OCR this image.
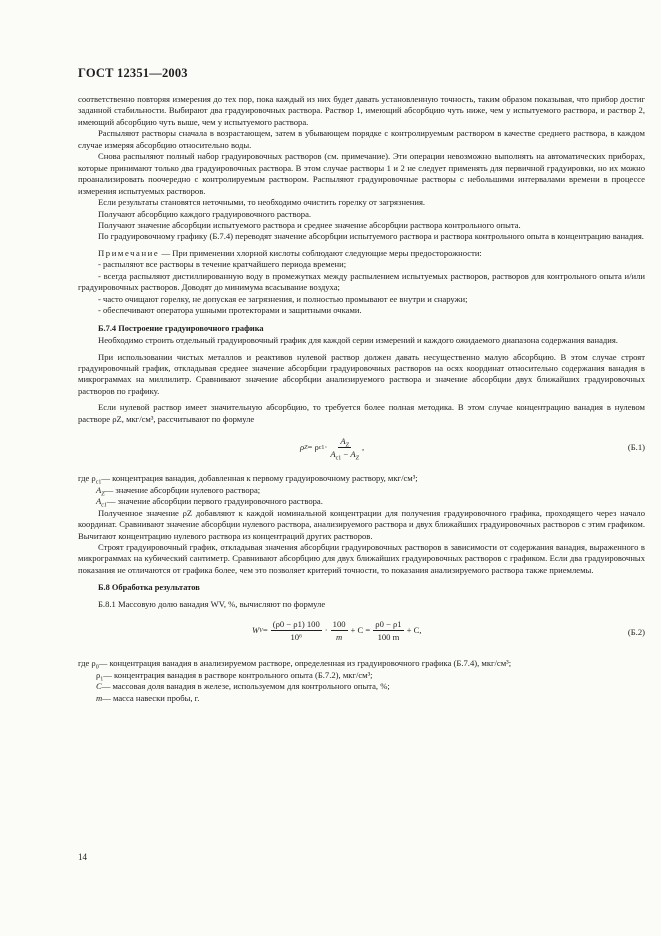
ГОСТ 12351—2003

соответственно повторяя измерения до тех пор, пока каждый из них будет давать установленную точность, таким образом показывая, что прибор достиг заданной стабильности. Выбирают два градуировочных раствора. Раствор 1, имеющий абсорбцию чуть ниже, чем у испытуемого раствора, и раствор 2, имеющий абсорбцию чуть выше, чем у испытуемого раствора.

Распыляют растворы сначала в возрастающем, затем в убывающем порядке с контролируемым раствором в качестве среднего раствора, в каждом случае измеряя абсорбцию относительно воды.

Снова распыляют полный набор градуировочных растворов (см. примечание). Эти операции невозможно выполнять на автоматических приборах, которые принимают только два градуировочных раствора. В этом случае растворы 1 и 2 не следует применять для первичной градуировки, но их можно проанализировать поочередно с контролируемым раствором. Распыляют градуировочные растворы с небольшими интервалами времени в процессе измерения испытуемых растворов.

Если результаты становятся неточными, то необходимо очистить горелку от загрязнения.

Получают абсорбцию каждого градуировочного раствора.

Получают значение абсорбции испытуемого раствора и среднее значение абсорбции раствора контрольного опыта.

По градуировочному графику (Б.7.4) переводят значение абсорбции испытуемого раствора и раствора контрольного опыта в концентрацию ванадия.

Примечание — При применении хлорной кислоты соблюдают следующие меры предосторожности:

- распыляют все растворы в течение кратчайшего периода времени;

- всегда распыляют дистиллированную воду в промежутках между распылением испытуемых растворов, растворов для контрольного опыта и/или градуировочных растворов. Доводят до минимума всасывание воздуха;

- часто очищают горелку, не допуская ее загрязнения, и полностью промывают ее внутри и снаружи;

- обеспечивают оператора ушными протекторами и защитными очками.

Б.7.4 Построение градуировочного графика

Необходимо строить отдельный градуировочный график для каждой серии измерений и каждого ожидаемого диапазона содержания ванадия.

При использовании чистых металлов и реактивов нулевой раствор должен давать несущественно малую абсорбцию. В этом случае строят градуировочный график, откладывая среднее значение абсорбции градуировочных растворов на осях координат относительно содержания ванадия в микрограммах на миллилитр. Сравнивают значение абсорбции анализируемого раствора и значение абсорбции двух ближайших градуировочных растворов по графику.

Если нулевой раствор имеет значительную абсорбцию, то требуется более полная методика. В этом случае концентрацию ванадия в нулевом растворе ρZ, мкг/см³, рассчитывают по формуле

ρ Z = ρ $c1 \cdot \frac{A_Z}{A_{c1} - A_Z}$ ,	(Б.1)
где $\rho_{c1}$ — концентрация ванадия, добавленная к первому градуировочному раствору, мкг/см³;
$A_Z$ — значение абсорбции нулевого раствора;
$A_{c1}$ — значение абсорбции первого градуировочного раствора.

Полученное значение ρZ добавляют к каждой номинальной концентрации для получения градуировочного графика, проходящего через начало координат. Сравнивают значение абсорбции нулевого раствора, анализируемого раствора и двух ближайших градуировочных растворов с этим графиком. Вычитают концентрацию нулевого раствора из концентраций других растворов.

Строят градуировочный график, откладывая значения абсорбции градуировочных растворов в зависимости от содержания ванадия, выраженного в микрограммах на кубический сантиметр. Сравнивают абсорбцию для двух ближайших градуировочных растворов с графиком. Если два градуировочных показания не отличаются от графика более, чем это позволяет критерий точности, то показания анализируемого раствора также приемлемы.

Б.8 Обработка результатов

Б.8.1 Массовую долю ванадия WV, %, вычисляют по формуле

W $V = \frac{(\rho 0 - \rho 1) 100}{\text{10⁶}} \cdot \frac{100}{m} + C = \frac{\rho 0 - \rho 1}{100 m} + C$,	(Б.2)
где $\rho_0$ — концентрация ванадия в анализируемом растворе, определенная из градуировочного графика (Б.7.4), мкг/см³;
$\rho_1$ — концентрация ванадия в растворе контрольного опыта (Б.7.2), мкг/см³;
C — массовая доля ванадия в железе, используемом для контрольного опыта, %;
m — масса навески пробы, г.
14
